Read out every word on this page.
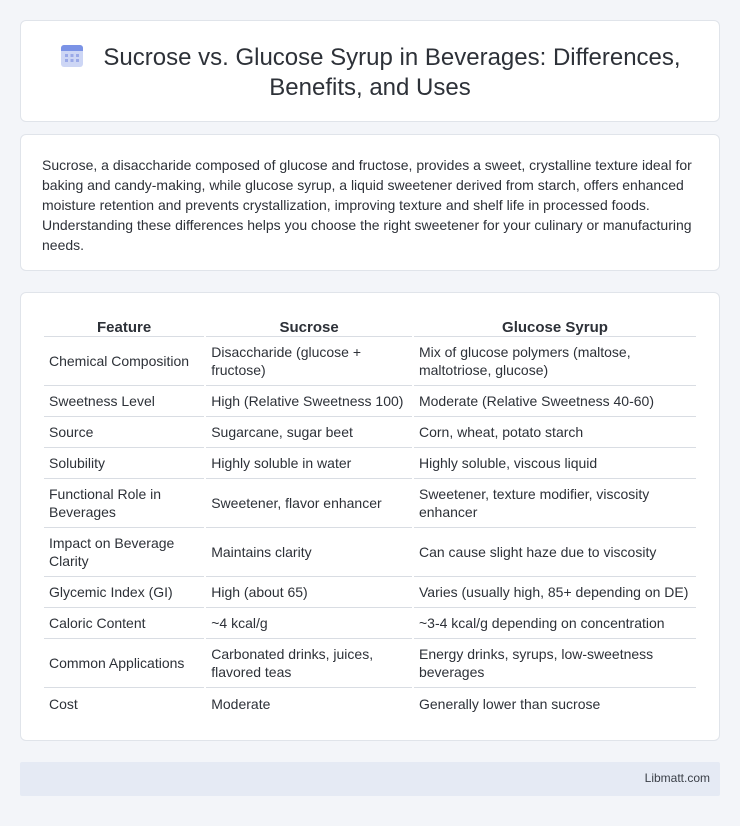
Sucrose vs. Glucose Syrup in Beverages: Differences, Benefits, and Uses

Sucrose, a disaccharide composed of glucose and fructose, provides a sweet, crystalline texture ideal for baking and candy-making, while glucose syrup, a liquid sweetener derived from starch, offers enhanced moisture retention and prevents crystallization, improving texture and shelf life in processed foods. Understanding these differences helps you choose the right sweetener for your culinary or manufacturing needs.

Feature	Sucrose	Glucose Syrup
Chemical Composition	Disaccharide (glucose + fructose)	Mix of glucose polymers (maltose, maltotriose, glucose)
Sweetness Level	High (Relative Sweetness 100)	Moderate (Relative Sweetness 40-60)
Source	Sugarcane, sugar beet	Corn, wheat, potato starch
Solubility	Highly soluble in water	Highly soluble, viscous liquid
Functional Role in Beverages	Sweetener, flavor enhancer	Sweetener, texture modifier, viscosity enhancer
Impact on Beverage Clarity	Maintains clarity	Can cause slight haze due to viscosity
Glycemic Index (GI)	High (about 65)	Varies (usually high, 85+ depending on DE)
Caloric Content	~4 kcal/g	~3-4 kcal/g depending on concentration
Common Applications	Carbonated drinks, juices, flavored teas	Energy drinks, syrups, low-sweetness beverages
Cost	Moderate	Generally lower than sucrose
Libmatt.com
